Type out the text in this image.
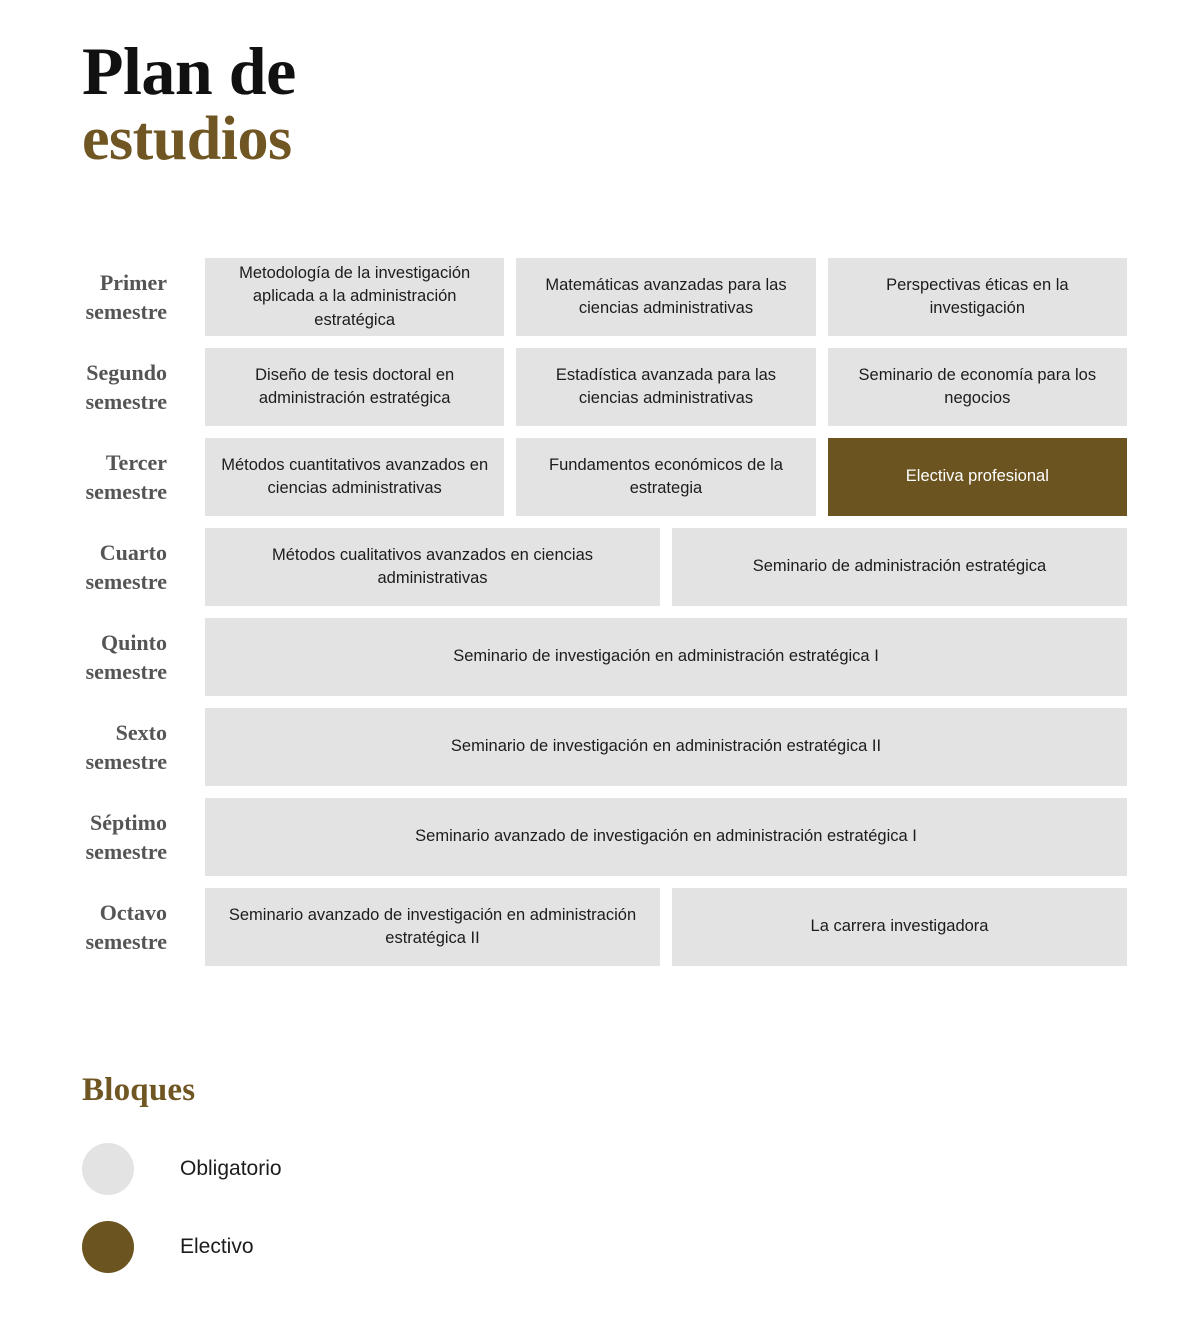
Plan de
estudios
Primer
semestre
Metodología de la investigación aplicada a la administración estratégica
Matemáticas avanzadas para las ciencias administrativas
Perspectivas éticas en la investigación
Segundo
semestre
Diseño de tesis doctoral en administración estratégica
Estadística avanzada para las ciencias administrativas
Seminario de economía para los negocios
Tercer
semestre
Métodos cuantitativos avanzados en ciencias administrativas
Fundamentos económicos de la estrategia
Electiva profesional
Cuarto
semestre
Métodos cualitativos avanzados en ciencias administrativas
Seminario de administración estratégica
Quinto
semestre
Seminario de investigación en administración estratégica I
Sexto
semestre
Seminario de investigación en administración estratégica II
Séptimo
semestre
Seminario avanzado de investigación en administración estratégica I
Octavo
semestre
Seminario avanzado de investigación en administración estratégica II
La carrera investigadora
Bloques
Obligatorio
Electivo
